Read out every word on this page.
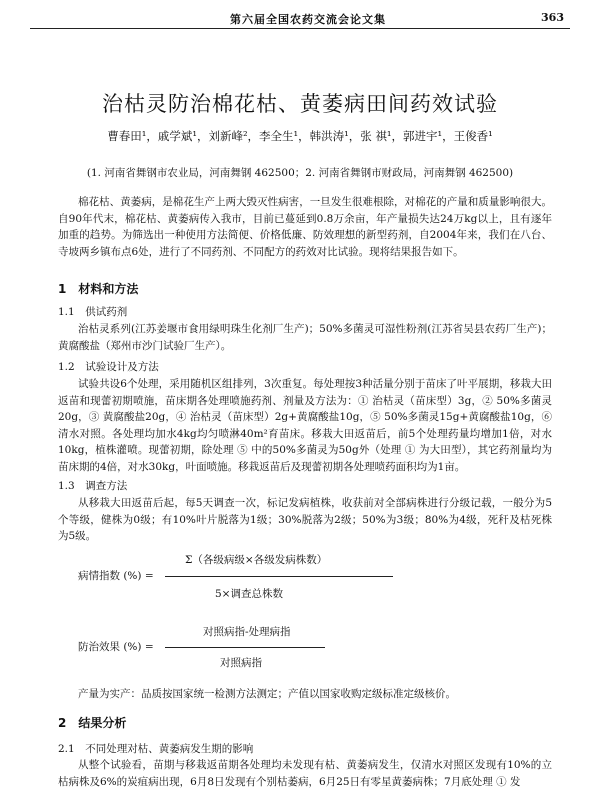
第六届全国农药交流会论文集	363
治枯灵防治棉花枯、黄萎病田间药效试验
曹春田¹，戚学斌¹，刘新峰²，李全生¹，韩洪涛¹，张 祺¹，郭进宇¹，王俊香¹
(1. 河南省舞钢市农业局，河南舞钢 462500；2. 河南省舞钢市财政局，河南舞钢 462500)

棉花枯、黄萎病，是棉花生产上两大毁灭性病害，一旦发生很难根除，对棉花的产量和质量影响很大。自90年代末，棉花枯、黄萎病传入我市，目前已蔓延到0.8万余亩，年产量损失达24万kg以上，且有逐年加重的趋势。为筛选出一种使用方法简便、价格低廉、防效理想的新型药剂，自2004年来，我们在八台、寺坡两乡镇布点6处，进行了不同药剂、不同配方的药效对比试验。现将结果报告如下。

1　材料和方法
1.1　供试药剂

治枯灵系列(江苏姜堰市食用绿明珠生化剂厂生产)；50%多菌灵可湿性粉剂(江苏省吴县农药厂生产)；黄腐酸盐（郑州市沙门试验厂生产）。

1.2　试验设计及方法

试验共设6个处理，采用随机区组排列，3次重复。每处理按3种活量分别于苗床了叶平展期，移栽大田返苗和现蕾初期喷施，苗床期各处理喷施药剂、剂量及方法为：① 治枯灵（苗床型）3g，② 50%多菌灵20g，③ 黄腐酸盐20g，④ 治枯灵（苗床型）2g+黄腐酸盐10g，⑤ 50%多菌灵15g+黄腐酸盐10g，⑥ 清水对照。各处理均加水4kg均匀喷淋40m²育苗床。移栽大田返苗后，前5个处理药量均增加1倍，对水10kg，植株灌喷。现蕾初期，除处理 ⑤ 中的50%多菌灵为50g外（处理 ① 为大田型），其它药剂量均为苗床期的4倍，对水30kg，叶面喷施。移栽返苗后及现蕾初期各处理喷药面积均为1亩。

1.3　调查方法

从移栽大田返苗后起，每5天调查一次，标记发病植株，收获前对全部病株进行分级记载，一般分为5个等级，健株为0级；有10%叶片脱落为1级；30%脱落为2级；50%为3级；80%为4级，死秆及枯死株为5级。

Σ（各级病级×各级发病株数）
病情指数 (%) =
5×调查总株数
对照病指-处理病指
防治效果 (%) =
对照病指

产量为实产：品质按国家统一检测方法测定；产值以国家收购定级标准定级核价。

2　结果分析
2.1　不同处理对枯、黄萎病发生期的影响

从整个试验看，苗期与移栽返苗期各处理均未发现有枯、黄萎病发生，仅清水对照区发现有10%的立枯病株及6%的炭疽病出现，6月8日发现有个别枯萎病，6月25日有零星黄萎病株；7月底处理 ① 发
